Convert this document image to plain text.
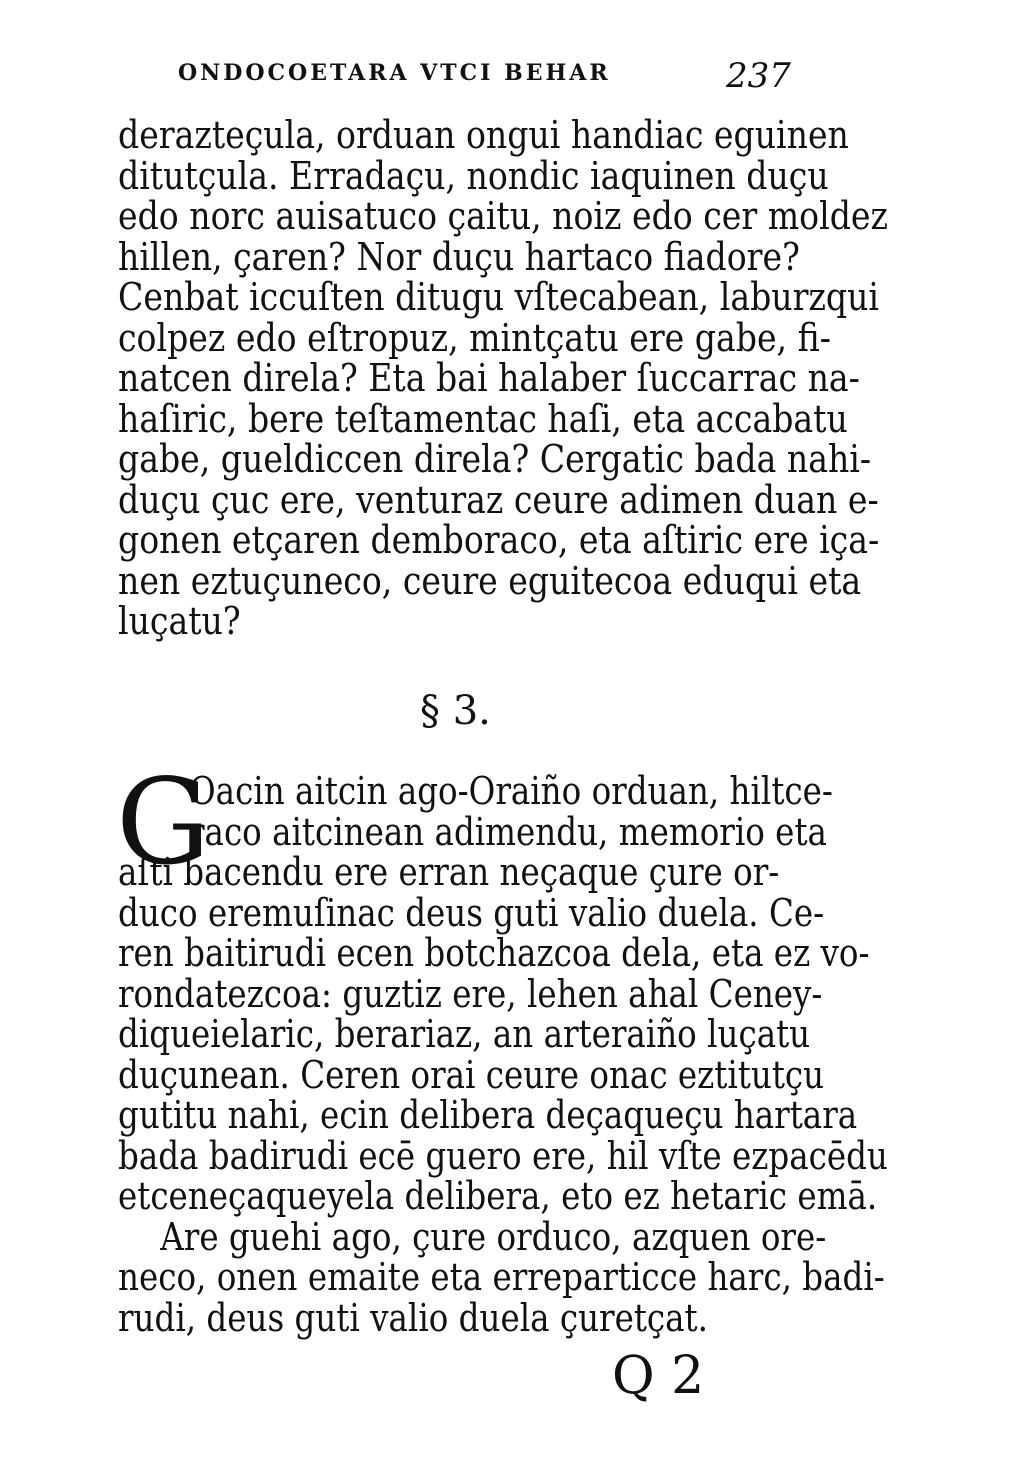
ONDOCOETARA VTCI BEHAR	237
derazteçula, orduan ongui handiac eguinen
ditutçula. Erradaçu, nondic iaquinen duçu
edo norc auisatuco çaitu, noiz edo cer moldez
hillen, çaren? Nor duçu hartaco fiadore?
Cenbat iccuſten ditugu vſtecabean, laburzqui
colpez edo eſtropuz, mintçatu ere gabe, fi-
natcen direla? Eta bai halaber ſuccarrac na-
haſiric, bere teſtamentac haſi, eta accabatu
gabe, gueldiccen direla? Cergatic bada nahi-
duçu çuc ere, venturaz ceure adimen duan e-
gonen etçaren demboraco, eta aſtiric ere iça-
nen eztuçuneco, ceure eguitecoa eduqui eta
luçatu?
§ 3.
G
Oacin aitcin ago-Oraiño orduan, hiltce-
raco aitcinean adimendu, memorio eta
aſti bacendu ere erran neçaque çure or-
duco eremuſinac deus guti valio duela. Ce-
ren baitirudi ecen botchazcoa dela, eta ez vo-
rondatezcoa: guztiz ere, lehen ahal Ceney-
diqueielaric, berariaz, an arteraiño luçatu
duçunean. Ceren orai ceure onac eztitutçu
gutitu nahi, ecin delibera deçaqueçu hartara
bada badirudi ecē guero ere, hil vſte ezpacēdu
etceneçaqueyela delibera, eto ez hetaric emā.
Are guehi ago, çure orduco, azquen ore-
neco, onen emaite eta erreparticce harc, badi-
rudi, deus guti valio duela çuretçat.
Q 2
